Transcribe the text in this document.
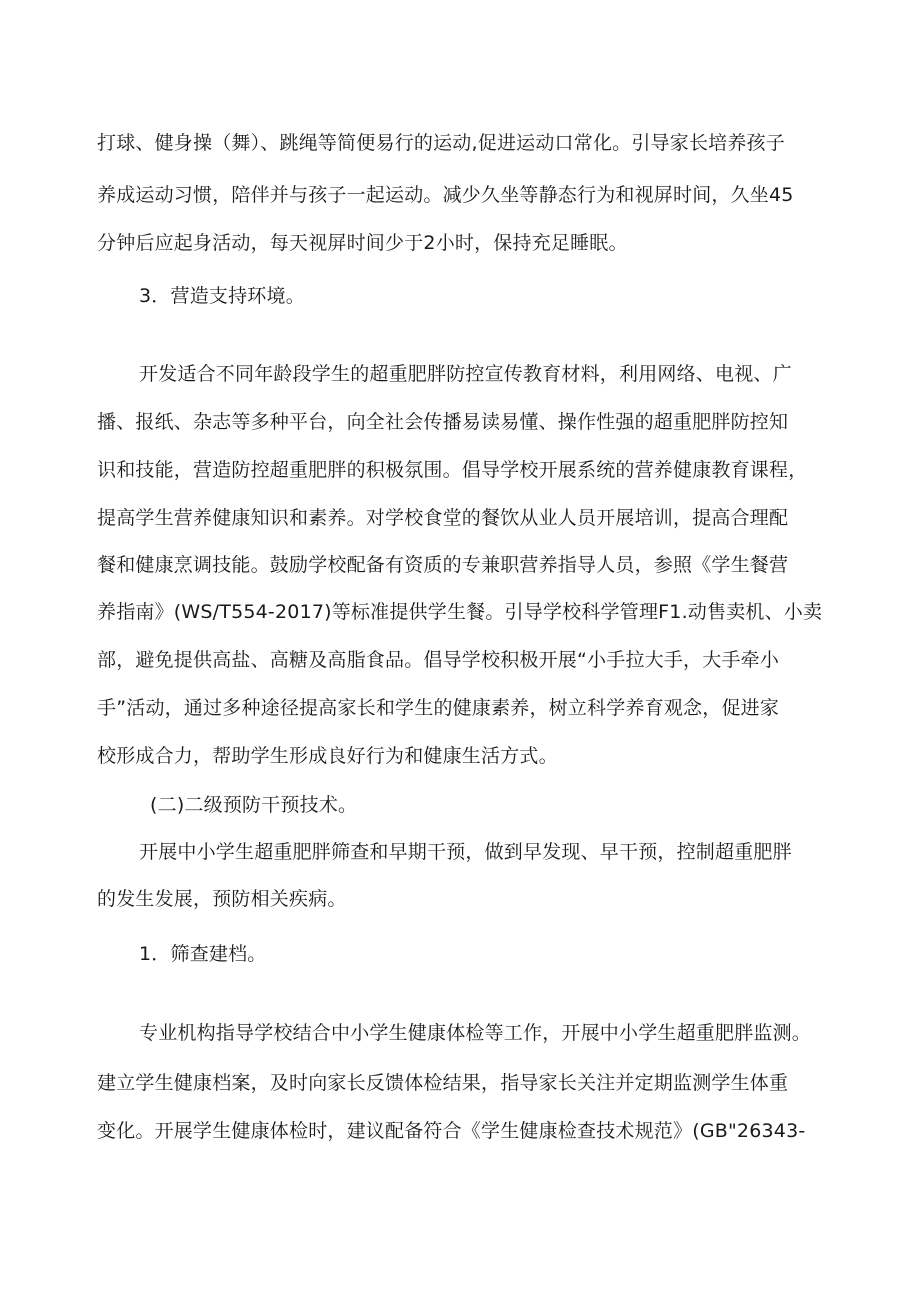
打球、健身操（舞）、跳绳等简便易行的运动,促进运动口常化。引导家长培养孩子
养成运动习惯，陪伴并与孩子一起运动。减少久坐等静态行为和视屏时间，久坐45
分钟后应起身活动，每天视屏时间少于2小时，保持充足睡眠。
3．营造支持环境。
开发适合不同年龄段学生的超重肥胖防控宣传教育材料，利用网络、电视、广
播、报纸、杂志等多种平台，向全社会传播易读易懂、操作性强的超重肥胖防控知
识和技能，营造防控超重肥胖的积极氛围。倡导学校开展系统的营养健康教育课程，
提高学生营养健康知识和素养。对学校食堂的餐饮从业人员开展培训，提高合理配
餐和健康烹调技能。鼓励学校配备有资质的专兼职营养指导人员，参照《学生餐营
养指南》(WS/T554-2017)等标准提供学生餐。引导学校科学管理F1.动售卖机、小卖
部，避免提供高盐、高糖及高脂食品。倡导学校积极开展“小手拉大手，大手牵小
手”活动，通过多种途径提高家长和学生的健康素养，树立科学养育观念，促进家
校形成合力，帮助学生形成良好行为和健康生活方式。
(二)二级预防干预技术。
开展中小学生超重肥胖筛查和早期干预，做到早发现、早干预，控制超重肥胖
的发生发展，预防相关疾病。
1．筛查建档。
专业机构指导学校结合中小学生健康体检等工作，开展中小学生超重肥胖监测。
建立学生健康档案，及时向家长反馈体检结果，指导家长关注并定期监测学生体重
变化。开展学生健康体检时，建议配备符合《学生健康检查技术规范》(GB"26343-
